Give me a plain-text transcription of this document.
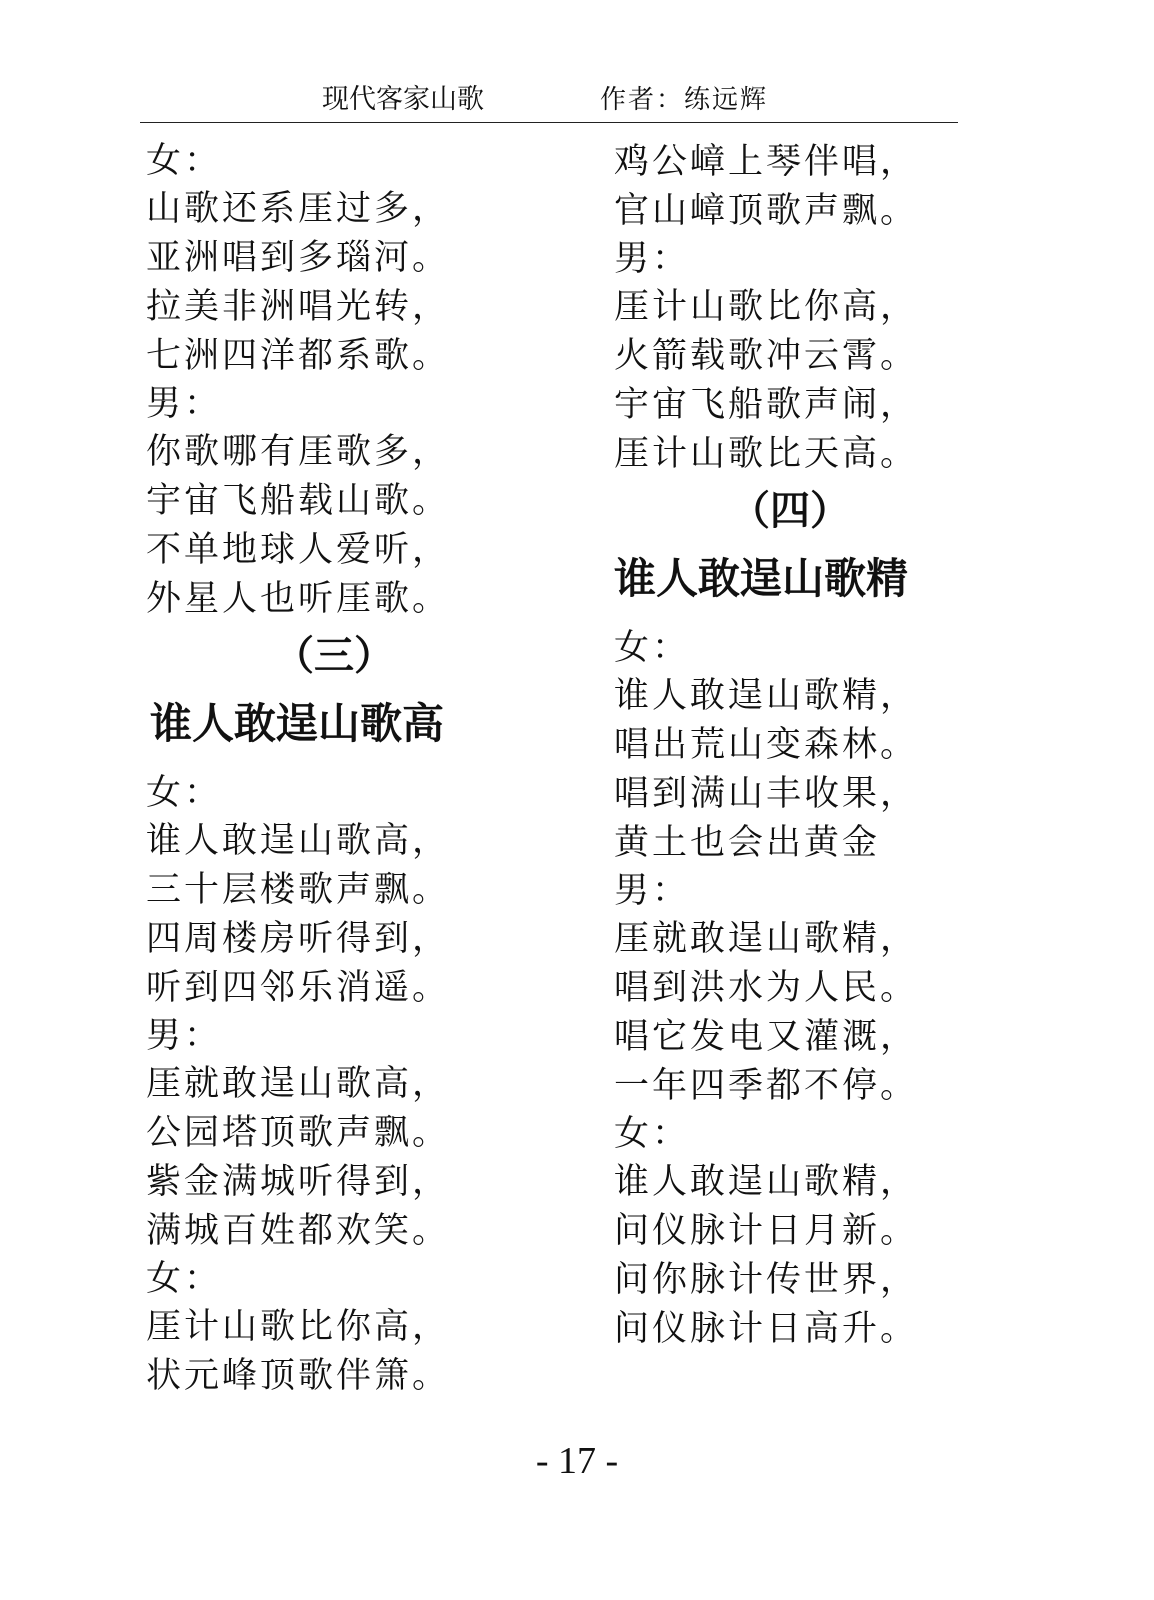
现代客家山歌	作者：练远辉
女：
山歌还系厓过多，
亚洲唱到多瑙河。
拉美非洲唱光转，
七洲四洋都系歌。
男：
你歌哪有厓歌多，
宇宙飞船载山歌。
不单地球人爱听，
外星人也听厓歌。
（三）
谁人敢逞山歌高
女：
谁人敢逞山歌高，
三十层楼歌声飘。
四周楼房听得到，
听到四邻乐消遥。
男：
厓就敢逞山歌高，
公园塔顶歌声飘。
紫金满城听得到，
满城百姓都欢笑。
女：
厓计山歌比你高，
状元峰顶歌伴箫。
鸡公嶂上琴伴唱，
官山嶂顶歌声飘。
男：
厓计山歌比你高，
火箭载歌冲云霄。
宇宙飞船歌声闹，
厓计山歌比天高。
（四）
谁人敢逞山歌精
女：
谁人敢逞山歌精，
唱出荒山变森林。
唱到满山丰收果，
黄土也会出黄金
男：
厓就敢逞山歌精，
唱到洪水为人民。
唱它发电又灌溉，
一年四季都不停。
女：
谁人敢逞山歌精，
问仪脉计日月新。
问你脉计传世界，
问仪脉计日高升。
- 17 -
